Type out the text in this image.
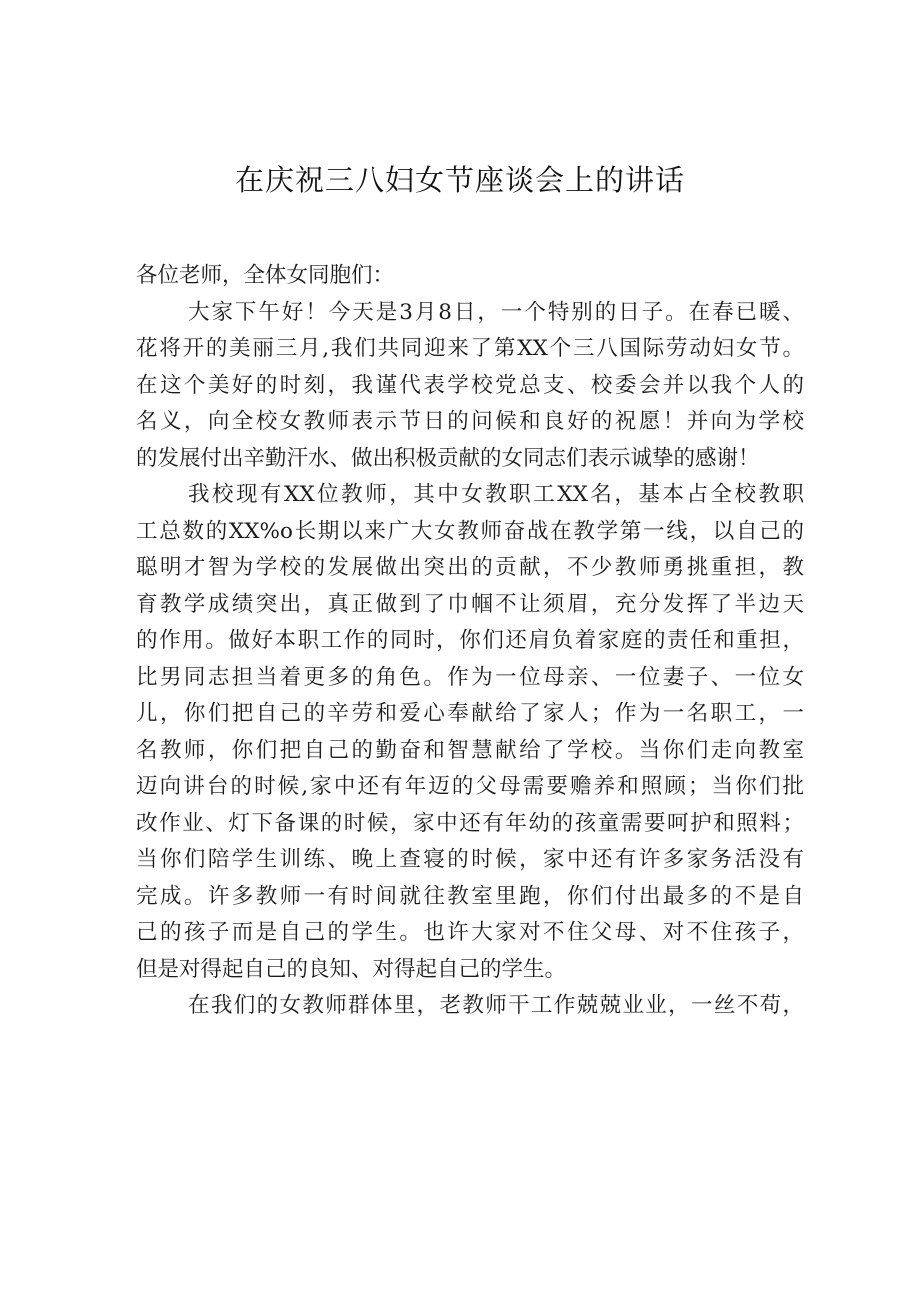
在庆祝三八妇女节座谈会上的讲话
各位老师，全体女同胞们：
大家下午好！今天是3月8日，一个特别的日子。在春已暖、
花将开的美丽三月,我们共同迎来了第XX个三八国际劳动妇女节。
在这个美好的时刻，我谨代表学校党总支、校委会并以我个人的
名义，向全校女教师表示节日的问候和良好的祝愿！并向为学校
的发展付出辛勤汗水、做出积极贡献的女同志们表示诚挚的感谢！
我校现有XX位教师，其中女教职工XX名，基本占全校教职
工总数的XX%o长期以来广大女教师奋战在教学第一线，以自己的
聪明才智为学校的发展做出突出的贡献，不少教师勇挑重担，教
育教学成绩突出，真正做到了巾帼不让须眉，充分发挥了半边天
的作用。做好本职工作的同时，你们还肩负着家庭的责任和重担，
比男同志担当着更多的角色。作为一位母亲、一位妻子、一位女
儿，你们把自己的辛劳和爱心奉献给了家人；作为一名职工，一
名教师，你们把自己的勤奋和智慧献给了学校。当你们走向教室
迈向讲台的时候,家中还有年迈的父母需要赡养和照顾；当你们批
改作业、灯下备课的时候，家中还有年幼的孩童需要呵护和照料；
当你们陪学生训练、晚上查寝的时候，家中还有许多家务活没有
完成。许多教师一有时间就往教室里跑，你们付出最多的不是自
己的孩子而是自己的学生。也许大家对不住父母、对不住孩子，
但是对得起自己的良知、对得起自己的学生。
在我们的女教师群体里，老教师干工作兢兢业业，一丝不苟，
